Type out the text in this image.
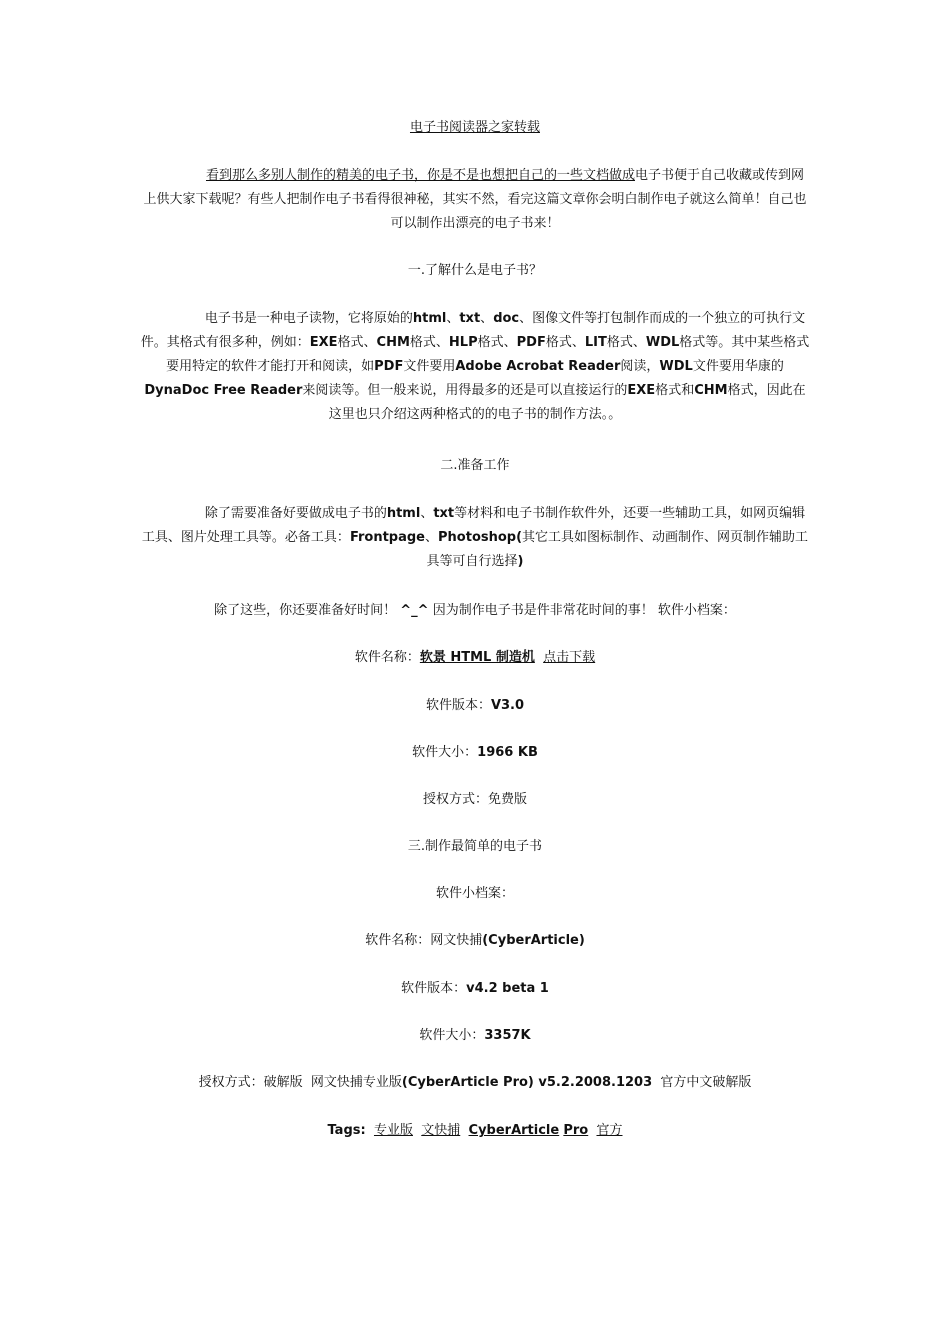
电子书阅读器之家转载
看到那么多别人制作的精美的电子书，你是不是也想把自己的一些文档做成电子书便于自己收藏或传到网上供大家下载呢？有些人把制作电子书看得很神秘，其实不然，看完这篇文章你会明白制作电子就这么简单！自己也可以制作出漂亮的电子书来！
一.了解什么是电子书？
电子书是一种电子读物，它将原始的html、txt、doc、图像文件等打包制作而成的一个独立的可执行文件。其格式有很多种，例如：EXE格式、CHM格式、HLP格式、PDF格式、LIT格式、WDL格式等。其中某些格式要用特定的软件才能打开和阅读，如PDF文件要用Adobe Acrobat Reader阅读，WDL文件要用华康的DynaDoc Free Reader来阅读等。但一般来说，用得最多的还是可以直接运行的EXE格式和CHM格式，因此在这里也只介绍这两种格式的的电子书的制作方法。。
二.准备工作
除了需要准备好要做成电子书的html、txt等材料和电子书制作软件外，还要一些辅助工具，如网页编辑工具、图片处理工具等。必备工具：Frontpage、Photoshop(其它工具如图标制作、动画制作、网页制作辅助工具等可自行选择)
除了这些，你还要准备好时间！ ^_^ 因为制作电子书是件非常花时间的事！ 软件小档案：
软件名称：软景 HTML 制造机 点击下载
软件版本：V3.0
软件大小：1966 KB
授权方式：免费版
三.制作最简单的电子书
软件小档案：
软件名称：网文快捕(CyberArticle)
软件版本：v4.2 beta 1
软件大小：3357K
授权方式：破解版 网文快捕专业版(CyberArticle Pro) v5.2.2008.1203 官方中文破解版
Tags: 专业版 文快捕 CyberArticle Pro 官方
